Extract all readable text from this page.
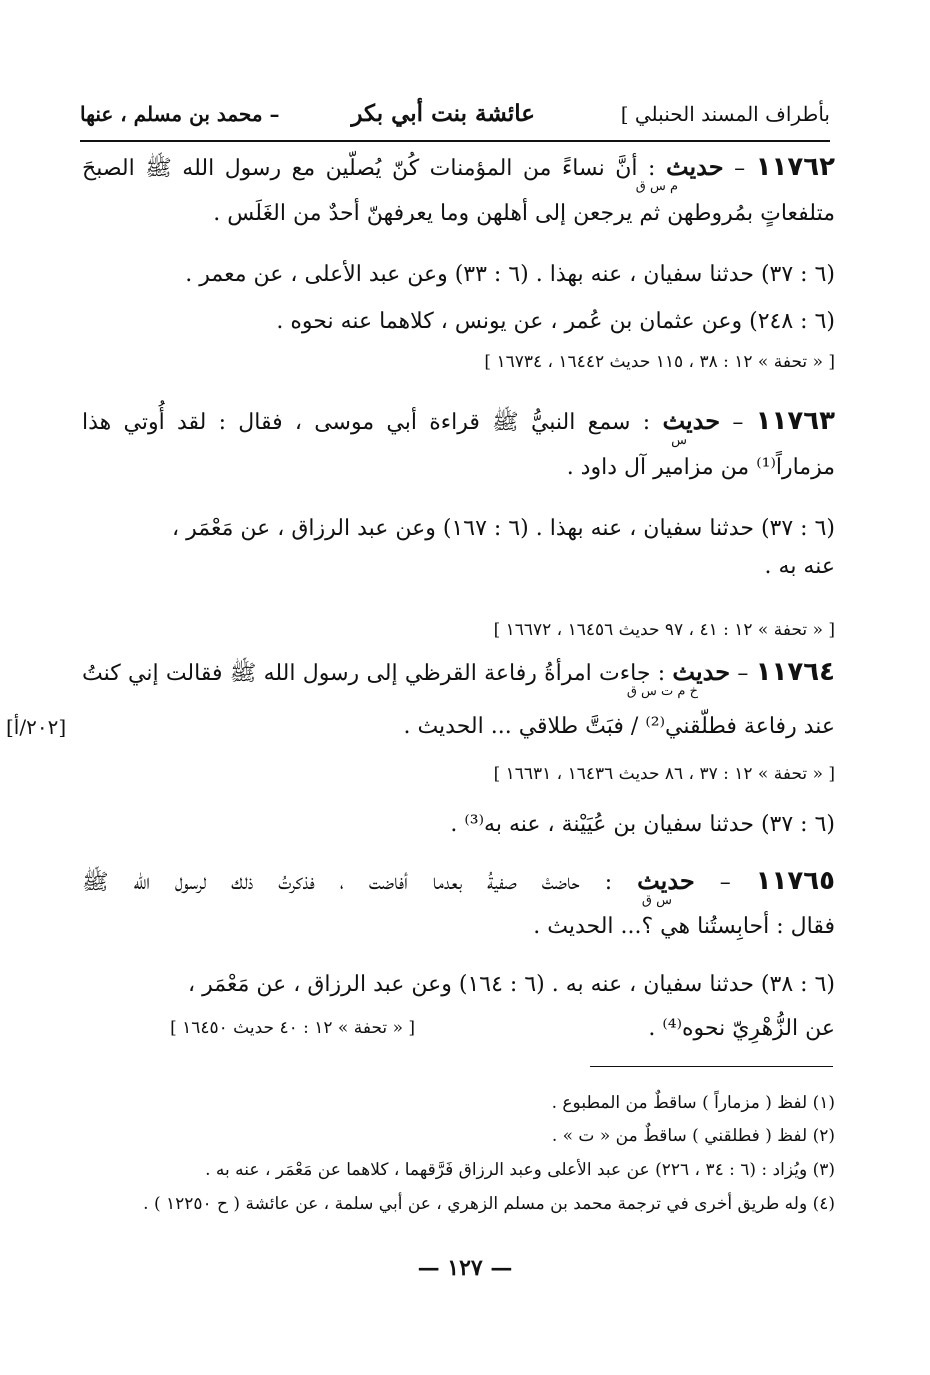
بأطراف المسند الحنبلي ]
عائشة بنت أبي بكر
– محمد بن مسلم ، عنها
١١٧٦٢ – حديث : أنَّ نساءً من المؤمنات كُنّ يُصلّين مع رسول الله ﷺ الصبحَ
م س ق
متلفعاتٍ بمُروطهن ثم يرجعن إلى أهلهن وما يعرفهنّ أحدٌ من الغَلَس .
(٦ : ٣٧) حدثنا سفيان ، عنه بهذا . (٦ : ٣٣) وعن عبد الأعلى ، عن معمر .
(٦ : ٢٤٨) وعن عثمان بن عُمر ، عن يونس ، كلاهما عنه نحوه .
[ « تحفة » ١٢ : ٣٨ ، ١١٥ حديث ١٦٤٤٢ ، ١٦٧٣٤ ]
١١٧٦٣ – حديث : سمع النبيُّ ﷺ قراءة أبي موسى ، فقال : لقد أُوتي هذا
س
مزماراً⁽¹⁾ من مزامير آل داود .
(٦ : ٣٧) حدثنا سفيان ، عنه بهذا . (٦ : ١٦٧) وعن عبد الرزاق ، عن مَعْمَر ،
عنه به .
[ « تحفة » ١٢ : ٤١ ، ٩٧ حديث ١٦٤٥٦ ، ١٦٦٧٢ ]
١١٧٦٤ – حديث : جاءت امرأةُ رفاعة القرظي إلى رسول الله ﷺ فقالت إني كنتُ
خ م ت س ق
عند رفاعة فطلّقني⁽²⁾ / فبَتَّ طلاقي ... الحديث .
[٢٠٢/أ]
[ « تحفة » ١٢ : ٣٧ ، ٨٦ حديث ١٦٤٣٦ ، ١٦٦٣١ ]
(٦ : ٣٧) حدثنا سفيان بن عُيَيْنة ، عنه به⁽³⁾ .
١١٧٦٥ – حديث : حاضتْ صفيةُ بعدما أفاضت ، فذكرتُ ذلك لرسول الله ﷺ
س ق
فقال : أحابِستُنا هي ؟... الحديث .
(٦ : ٣٨) حدثنا سفيان ، عنه به . (٦ : ١٦٤) وعن عبد الرزاق ، عن مَعْمَر ،
عن الزُّهْرِيّ نحوه⁽⁴⁾ .
[ « تحفة » ١٢ : ٤٠ حديث ١٦٤٥٠ ]
(١) لفظ ( مزماراً ) ساقطٌ من المطبوع .
(٢) لفظ ( فطلقني ) ساقطٌ من « ت » .
(٣) ويُزاد : (٦ : ٣٤ ، ٢٢٦) عن عبد الأعلى وعبد الرزاق فَرَّقهما ، كلاهما عن مَعْمَر ، عنه به .
(٤) وله طريق أخرى في ترجمة محمد بن مسلم الزهري ، عن أبي سلمة ، عن عائشة ( ح ١٢٢٥٠ ) .
— ١٢٧ —
